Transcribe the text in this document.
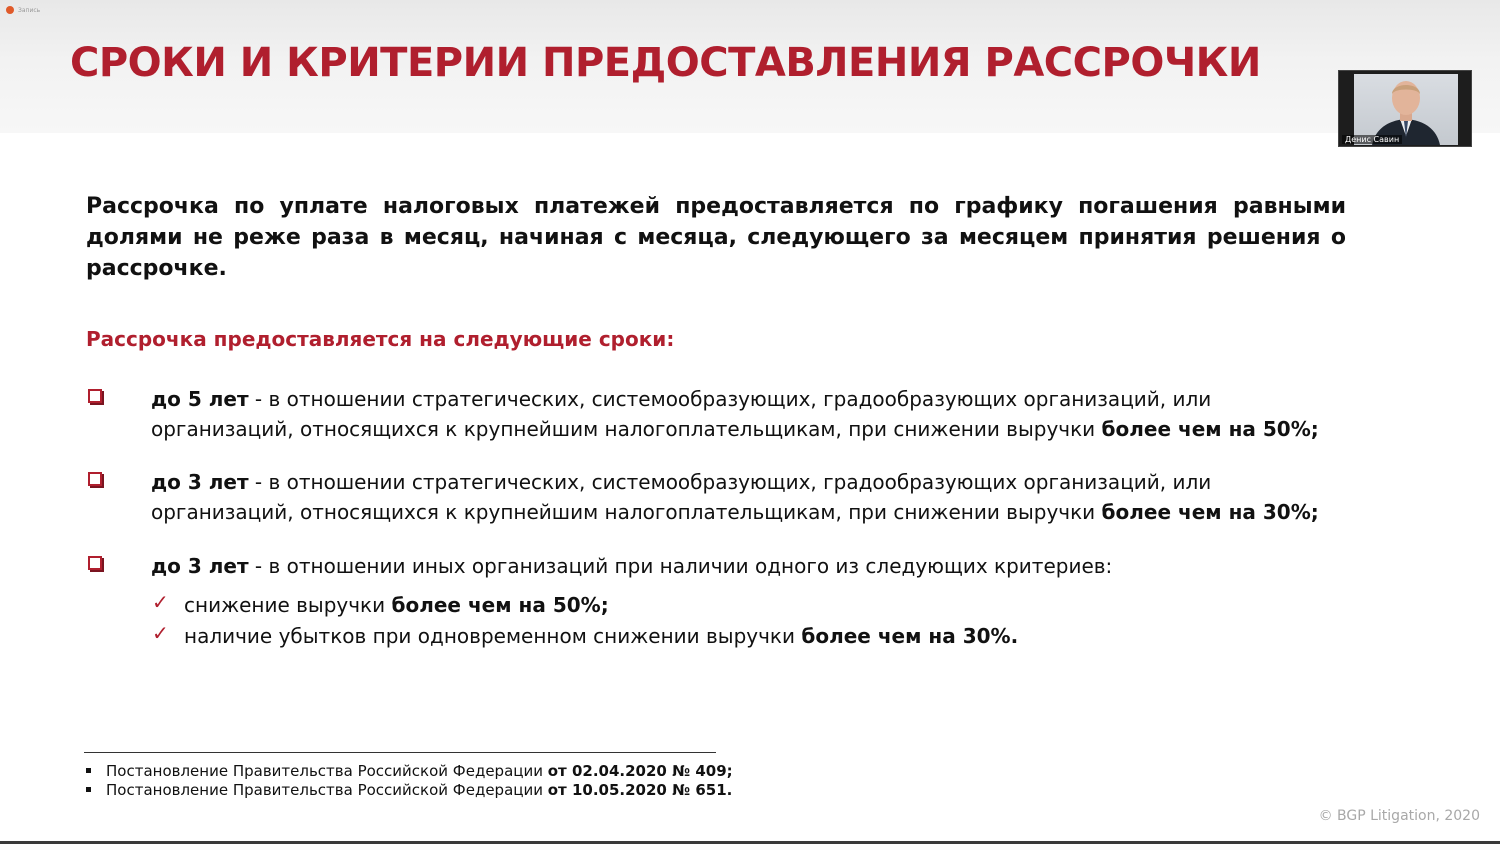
Запись
СРОКИ И КРИТЕРИИ ПРЕДОСТАВЛЕНИЯ РАССРОЧКИ
Денис Савин

Рассрочка по уплате налоговых платежей предоставляется по графику погашения равными долями не реже раза в месяц, начиная с месяца, следующего за месяцем принятия решения о рассрочке.

Рассрочка предоставляется на следующие сроки:

до 5 лет - в отношении стратегических, системообразующих, градообразующих организаций, или организаций, относящихся к крупнейшим налогоплательщикам, при снижении выручки более чем на 50%;

до 3 лет - в отношении стратегических, системообразующих, градообразующих организаций, или организаций, относящихся к крупнейшим налогоплательщикам, при снижении выручки более чем на 30%;

до 3 лет - в отношении иных организаций при наличии одного из следующих критериев:

✓ снижение выручки более чем на 50%;
✓ наличие убытков при одновременном снижении выручки более чем на 30%.
Постановление Правительства Российской Федерации от 02.04.2020 № 409;
Постановление Правительства Российской Федерации от 10.05.2020 № 651.
© BGP Litigation, 2020
